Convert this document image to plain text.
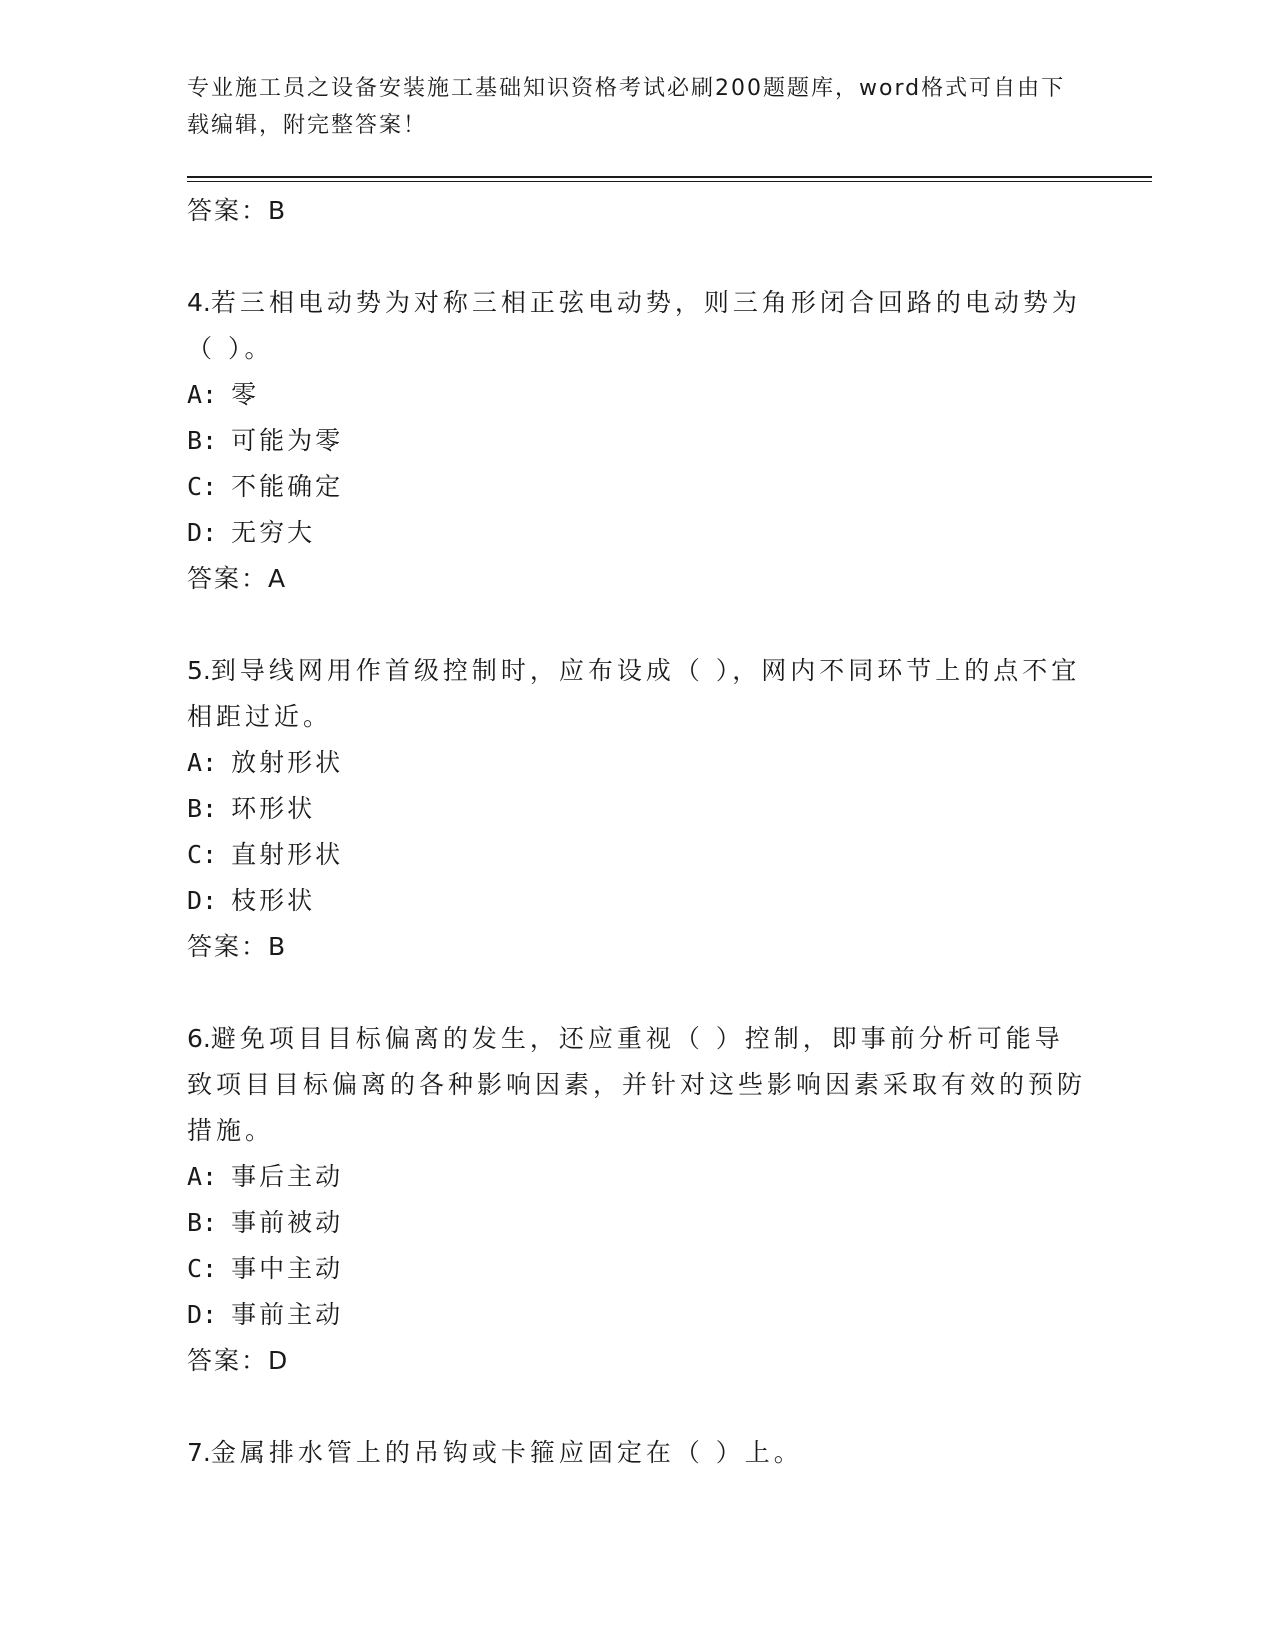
专业施工员之设备安装施工基础知识资格考试必刷200题题库，word格式可自由下载编辑，附完整答案！

答案：B

4.若三相电动势为对称三相正弦电动势，则三角形闭合回路的电动势为（ ）。

A: 零

B: 可能为零

C: 不能确定

D: 无穷大

答案：A

5.到导线网用作首级控制时，应布设成（ ），网内不同环节上的点不宜相距过近。

A: 放射形状

B: 环形状

C: 直射形状

D: 枝形状

答案：B

6.避免项目目标偏离的发生，还应重视（ ）控制，即事前分析可能导致项目目标偏离的各种影响因素，并针对这些影响因素采取有效的预防措施。

A: 事后主动

B: 事前被动

C: 事中主动

D: 事前主动

答案：D

7.金属排水管上的吊钩或卡箍应固定在（ ）上。
